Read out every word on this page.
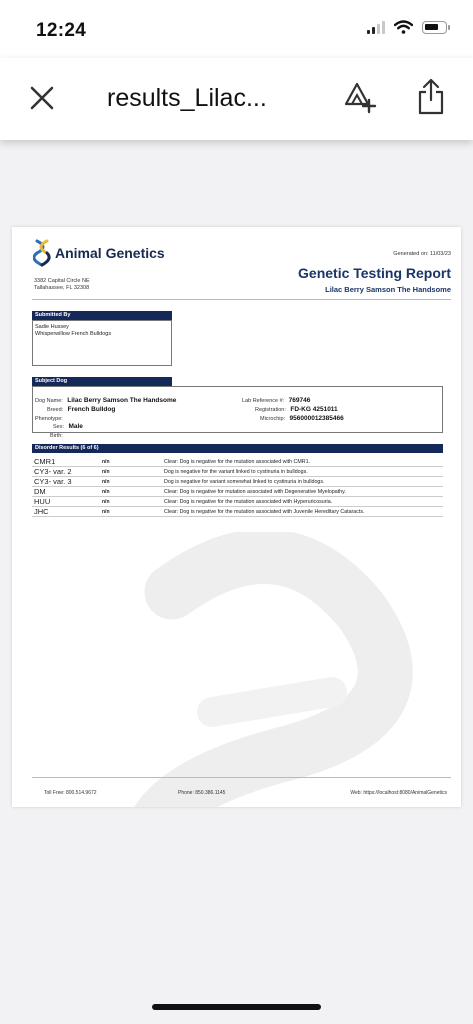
12:24
results_Lilac...
Animal Genetics
3382 Capital Circle NE
Tallahassee, FL 32308
Generated on: 11/03/23
Genetic Testing Report
Lilac Berry Samson The Handsome
Submitted By
Sadie Hussey
Whisperwillow French Bulldogs
Subject Dog
Dog Name: Lilac Berry Samson The Handsome
Breed: French Bulldog
Phenotype:
Sex: Male
Birth:
Lab Reference #: 769746
Registration: FD-KG 4251011
Microchip: 956000012385466
Disorder Results (6 of 6)
CMR1	n/n	Clear: Dog is negative for the mutation associated with CMR1.
CY3- var. 2	n/n	Dog is negative for the variant linked to cystinuria in bulldogs.
CY3- var. 3	n/n	Dog is negative for variant somewhat linked to cystinuria in bulldogs.
DM	n/n	Clear: Dog is negative for mutation associated with Degenerative Myelopathy.
HUU	n/n	Clear: Dog is negative for the mutation associated with Hyperuricosuria.
JHC	n/n	Clear: Dog is negative for the mutation associated with Juvenile Hereditary Cataracts.
Toll Free: 800.514.9672	Phone: 850.386.1145	Web: https://localhost:8080/AnimalGenetics
